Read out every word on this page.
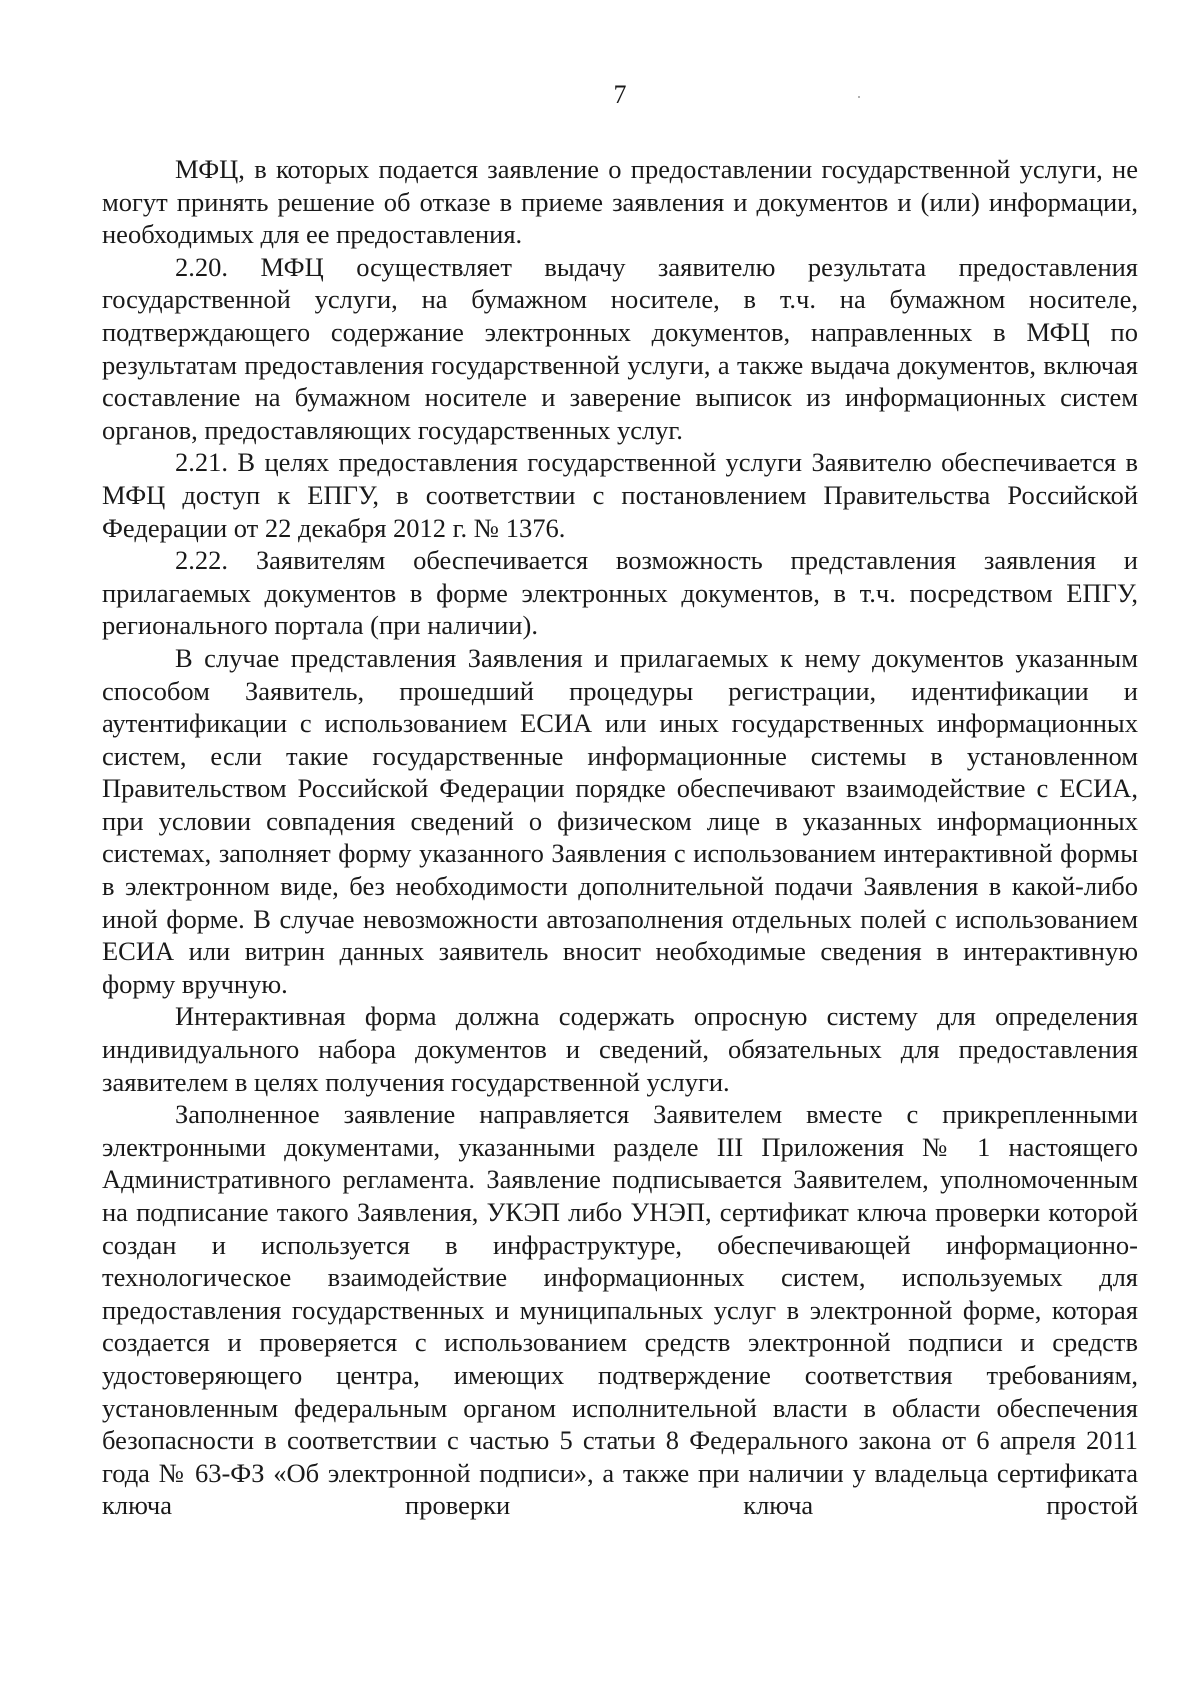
7

МФЦ, в которых подается заявление о предоставлении государственной услуги, не могут принять решение об отказе в приеме заявления и документов и (или) информации, необходимых для ее предоставления.

2.20. МФЦ осуществляет выдачу заявителю результата предоставления государственной услуги, на бумажном носителе, в т.ч. на бумажном носителе, подтверждающего содержание электронных документов, направленных в МФЦ по результатам предоставления государственной услуги, а также выдача документов, включая составление на бумажном носителе и заверение выписок из информационных систем органов, предоставляющих государственных услуг.

2.21. В целях предоставления государственной услуги Заявителю обеспечивается в МФЦ доступ к ЕПГУ, в соответствии с постановлением Правительства Российской Федерации от 22 декабря 2012 г. № 1376.

2.22. Заявителям обеспечивается возможность представления заявления и прилагаемых документов в форме электронных документов, в т.ч. посредством ЕПГУ, регионального портала (при наличии).

В случае представления Заявления и прилагаемых к нему документов указанным способом Заявитель, прошедший процедуры регистрации, идентификации и аутентификации с использованием ЕСИА или иных государственных информационных систем, если такие государственные информационные системы в установленном Правительством Российской Федерации порядке обеспечивают взаимодействие с ЕСИА, при условии совпадения сведений о физическом лице в указанных информационных системах, заполняет форму указанного Заявления с использованием интерактивной формы в электронном виде, без необходимости дополнительной подачи Заявления в какой-либо иной форме. В случае невозможности автозаполнения отдельных полей с использованием ЕСИА или витрин данных заявитель вносит необходимые сведения в интерактивную форму вручную.

Интерактивная форма должна содержать опросную систему для определения индивидуального набора документов и сведений, обязательных для предоставления заявителем в целях получения государственной услуги.

Заполненное заявление направляется Заявителем вместе с прикрепленными электронными документами, указанными разделе III Приложения № 1 настоящего Административного регламента. Заявление подписывается Заявителем, уполномоченным на подписание такого Заявления, УКЭП либо УНЭП, сертификат ключа проверки которой создан и используется в инфраструктуре, обеспечивающей информационно-технологическое взаимодействие информационных систем, используемых для предоставления государственных и муниципальных услуг в электронной форме, которая создается и проверяется с использованием средств электронной подписи и средств удостоверяющего центра, имеющих подтверждение соответствия требованиям, установленным федеральным органом исполнительной власти в области обеспечения безопасности в соответствии с частью 5 статьи 8 Федерального закона от 6 апреля 2011 года № 63-ФЗ «Об электронной подписи», а также при наличии у владельца сертификата ключа проверки ключа простой
